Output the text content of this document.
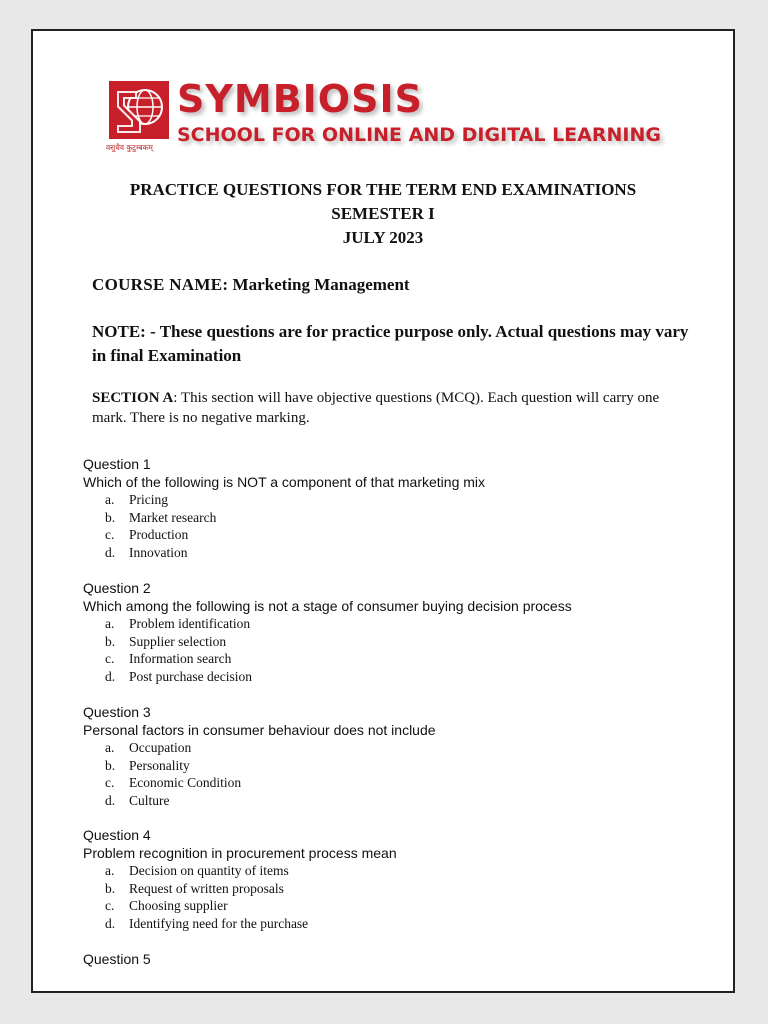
SYMBIOSIS
SCHOOL FOR ONLINE AND DIGITAL LEARNING
वसुधैव कुटुम्बकम्
PRACTICE QUESTIONS FOR THE TERM END EXAMINATIONS
SEMESTER I
JULY 2023
COURSE NAME: Marketing Management
NOTE: - These questions are for practice purpose only. Actual questions may vary in final Examination
SECTION A: This section will have objective questions (MCQ). Each question will carry one mark. There is no negative marking.
Question 1
Which of the following is NOT a component of that marketing mix
a. Pricing
b. Market research
c. Production
d. Innovation
Question 2
Which among the following is not a stage of consumer buying decision process
a. Problem identification
b. Supplier selection
c. Information search
d. Post purchase decision
Question 3
Personal factors in consumer behaviour does not include
a. Occupation
b. Personality
c. Economic Condition
d. Culture
Question 4
Problem recognition in procurement process mean
a. Decision on quantity of items
b. Request of written proposals
c. Choosing supplier
d. Identifying need for the purchase
Question 5
